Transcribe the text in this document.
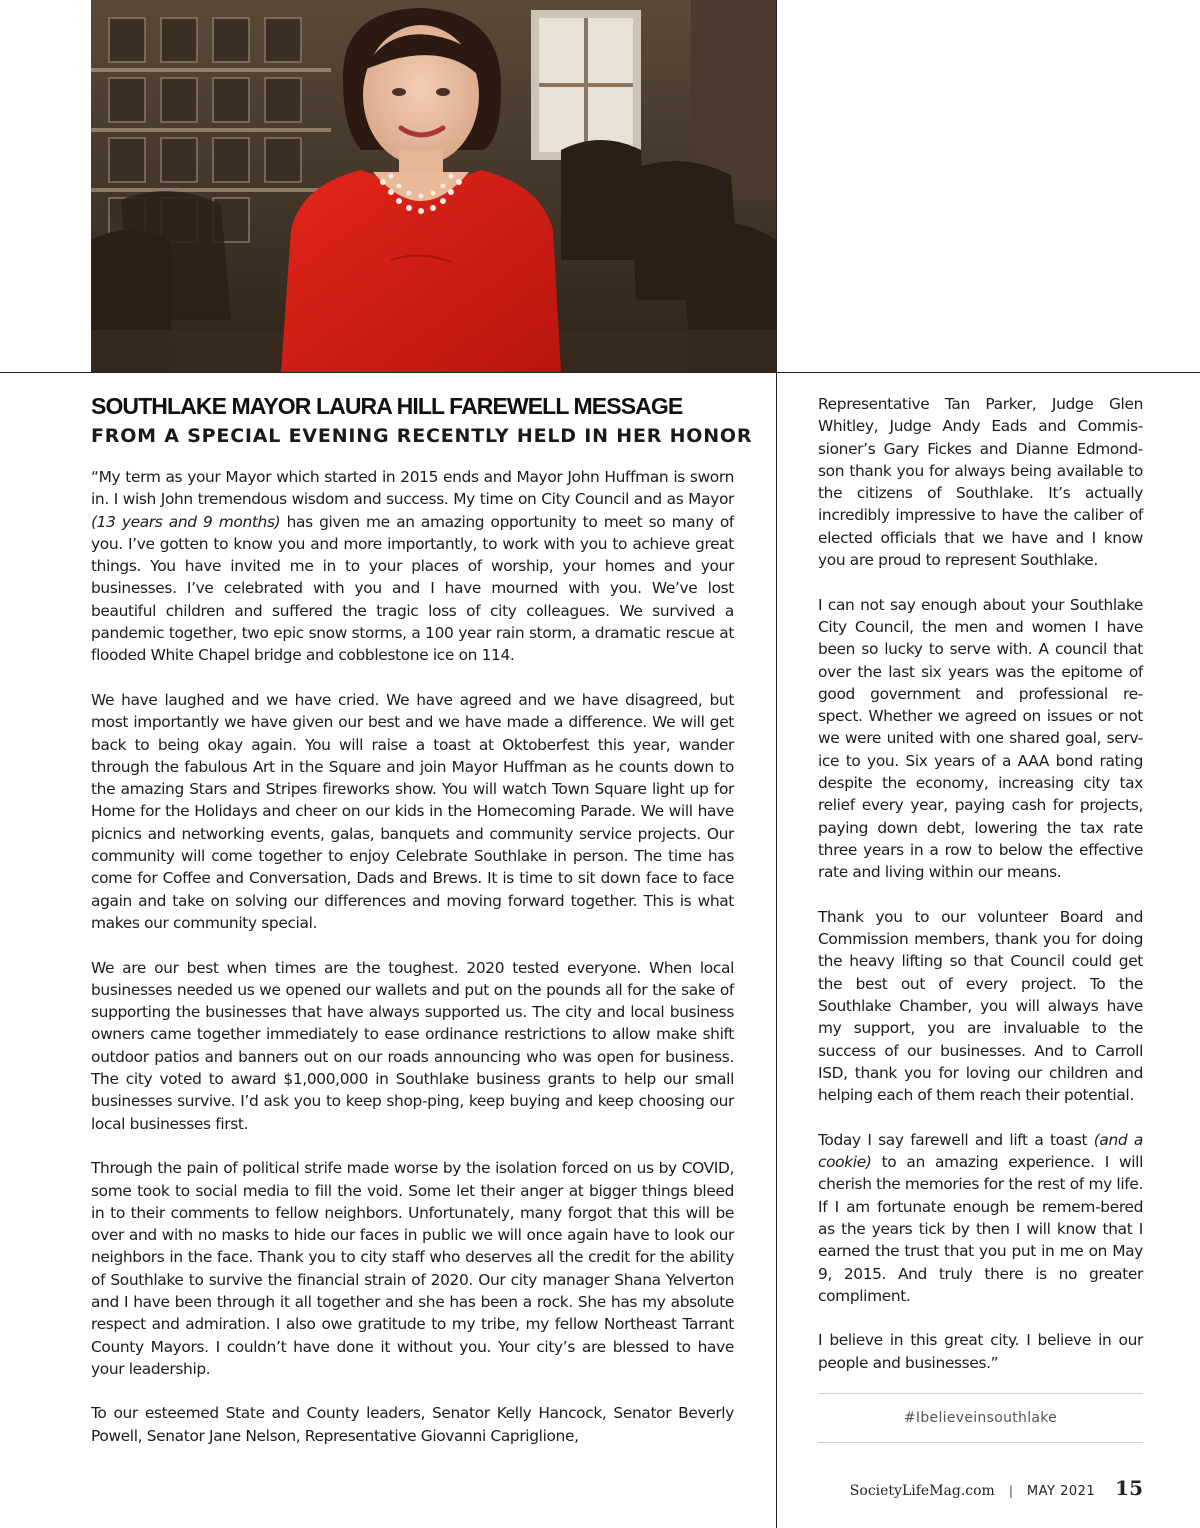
SOUTHLAKE MAYOR LAURA HILL FAREWELL MESSAGE
FROM A SPECIAL EVENING RECENTLY HELD IN HER HONOR

“My term as your Mayor which started in 2015 ends and Mayor John Huffman is sworn in. I wish John tremendous wisdom and success. My time on City Council and as Mayor (13 years and 9 months) has given me an amazing opportunity to meet so many of you. I’ve gotten to know you and more importantly, to work with you to achieve great things. You have invited me in to your places of worship, your homes and your businesses. I’ve celebrated with you and I have mourned with you. We’ve lost beautiful children and suffered the tragic loss of city colleagues. We survived a pandemic together, two epic snow storms, a 100 year rain storm, a dramatic rescue at flooded White Chapel bridge and cobblestone ice on 114.

We have laughed and we have cried. We have agreed and we have disagreed, but most importantly we have given our best and we have made a difference. We will get back to being okay again. You will raise a toast at Oktoberfest this year, wander through the fabulous Art in the Square and join Mayor Huffman as he counts down to the amazing Stars and Stripes fireworks show. You will watch Town Square light up for Home for the Holidays and cheer on our kids in the Homecoming Parade. We will have picnics and networking events, galas, banquets and community service projects. Our community will come together to enjoy Celebrate Southlake in person. The time has come for Coffee and Conversation, Dads and Brews. It is time to sit down face to face again and take on solving our differences and moving forward together. This is what makes our community special.

We are our best when times are the toughest. 2020 tested everyone. When local businesses needed us we opened our wallets and put on the pounds all for the sake of supporting the businesses that have always supported us. The city and local business owners came together immediately to ease ordinance restrictions to allow make shift outdoor patios and banners out on our roads announcing who was open for business. The city voted to award $1,000,000 in Southlake business grants to help our small businesses survive. I’d ask you to keep shop-ping, keep buying and keep choosing our local businesses first.

Through the pain of political strife made worse by the isolation forced on us by COVID, some took to social media to fill the void. Some let their anger at bigger things bleed in to their comments to fellow neighbors. Unfortunately, many forgot that this will be over and with no masks to hide our faces in public we will once again have to look our neighbors in the face. Thank you to city staff who deserves all the credit for the ability of Southlake to survive the financial strain of 2020. Our city manager Shana Yelverton and I have been through it all together and she has been a rock. She has my absolute respect and admiration. I also owe gratitude to my tribe, my fellow Northeast Tarrant County Mayors. I couldn’t have done it without you. Your city’s are blessed to have your leadership.

To our esteemed State and County leaders, Senator Kelly Hancock, Senator Beverly Powell, Senator Jane Nelson, Representative Giovanni Capriglione,

Representative Tan Parker, Judge Glen Whitley, Judge Andy Eads and Commis-sioner’s Gary Fickes and Dianne Edmond-son thank you for always being available to the citizens of Southlake. It’s actually incredibly impressive to have the caliber of elected officials that we have and I know you are proud to represent Southlake.

I can not say enough about your Southlake City Council, the men and women I have been so lucky to serve with. A council that over the last six years was the epitome of good government and professional re-spect. Whether we agreed on issues or not we were united with one shared goal, serv-ice to you. Six years of a AAA bond rating despite the economy, increasing city tax relief every year, paying cash for projects, paying down debt, lowering the tax rate three years in a row to below the effective rate and living within our means.

Thank you to our volunteer Board and Commission members, thank you for doing the heavy lifting so that Council could get the best out of every project. To the Southlake Chamber, you will always have my support, you are invaluable to the success of our businesses. And to Carroll ISD, thank you for loving our children and helping each of them reach their potential.

Today I say farewell and lift a toast (and a cookie) to an amazing experience. I will cherish the memories for the rest of my life. If I am fortunate enough be remem-bered as the years tick by then I will know that I earned the trust that you put in me on May 9, 2015. And truly there is no greater compliment.

I believe in this great city. I believe in our people and businesses.”

#Ibelieveinsouthlake
SocietyLifeMag.com | MAY 2021 15
